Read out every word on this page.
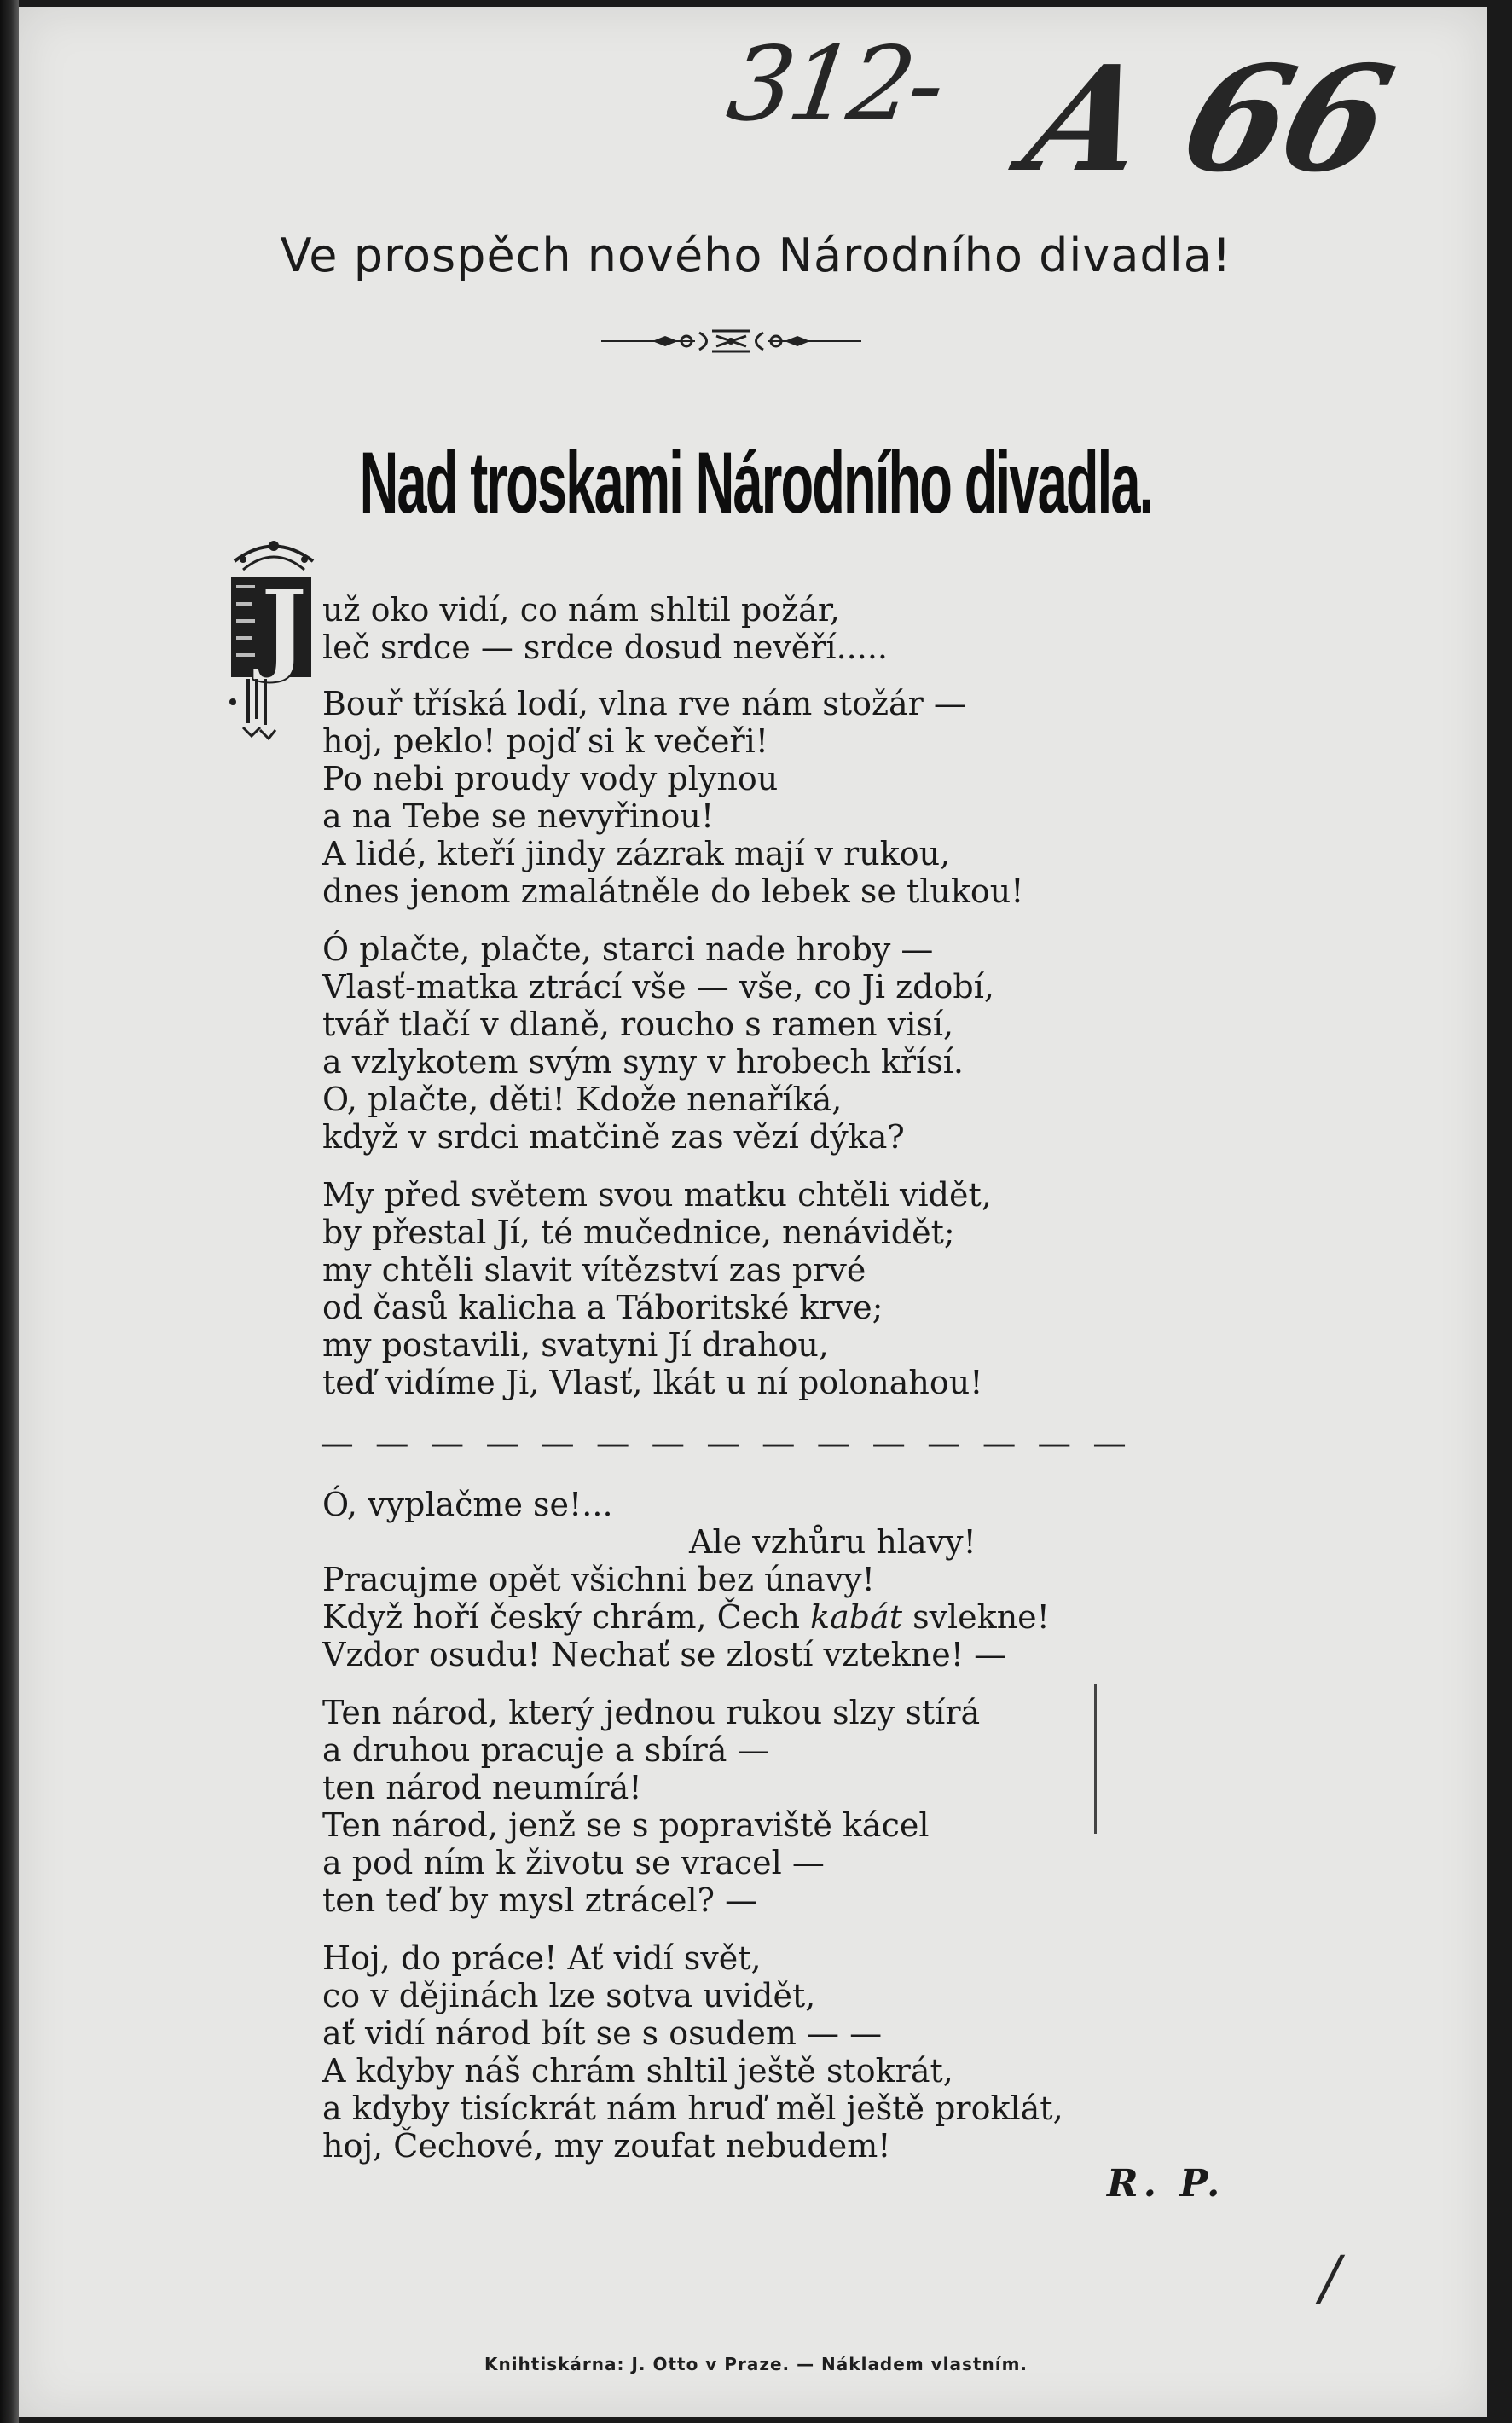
312- A 66
/
Ve prospěch nového Národního divadla!
Nad troskami Národního divadla.
J už oko vidí, co nám shltil požár,
leč srdce — srdce dosud nevěří.....
Bouř tříská lodí, vlna rve nám stožár —
hoj, peklo! pojď si k večeři!
Po nebi proudy vody plynou
a na Tebe se nevyřinou!
A lidé, kteří jindy zázrak mají v rukou,
dnes jenom zmalátněle do lebek se tlukou!
Ó plačte, plačte, starci nade hroby —
Vlasť-matka ztrácí vše — vše, co Ji zdobí,
tvář tlačí v dlaně, roucho s ramen visí,
a vzlykotem svým syny v hrobech křísí.
O, plačte, děti! Kdože nenaříká,
když v srdci matčině zas vězí dýka?
My před světem svou matku chtěli vidět,
by přestal Jí, té mučednice, nenávidět;
my chtěli slavit vítězství zas prvé
od časů kalicha a Táboritské krve;
my postavili, svatyni Jí drahou,
teď vidíme Ji, Vlasť, lkát u ní polonahou!
— — — — — — — — — — — — — — —
Ó, vyplačme se!...
Ale vzhůru hlavy!
Pracujme opět všichni bez únavy!
Když hoří český chrám, Čech kabát svlekne!
Vzdor osudu! Nechať se zlostí vztekne! —
Ten národ, který jednou rukou slzy stírá
a druhou pracuje a sbírá —
ten národ neumírá!
Ten národ, jenž se s popraviště kácel
a pod ním k životu se vracel —
ten teď by mysl ztrácel? —
Hoj, do práce! Ať vidí svět,
co v dějinách lze sotva uvidět,
ať vidí národ bít se s osudem — —
A kdyby náš chrám shltil ještě stokrát,
a kdyby tisíckrát nám hruď měl ještě proklát,
hoj, Čechové, my zoufat nebudem!
R. P.
Knihtiskárna: J. Otto v Praze. — Nákladem vlastním.
